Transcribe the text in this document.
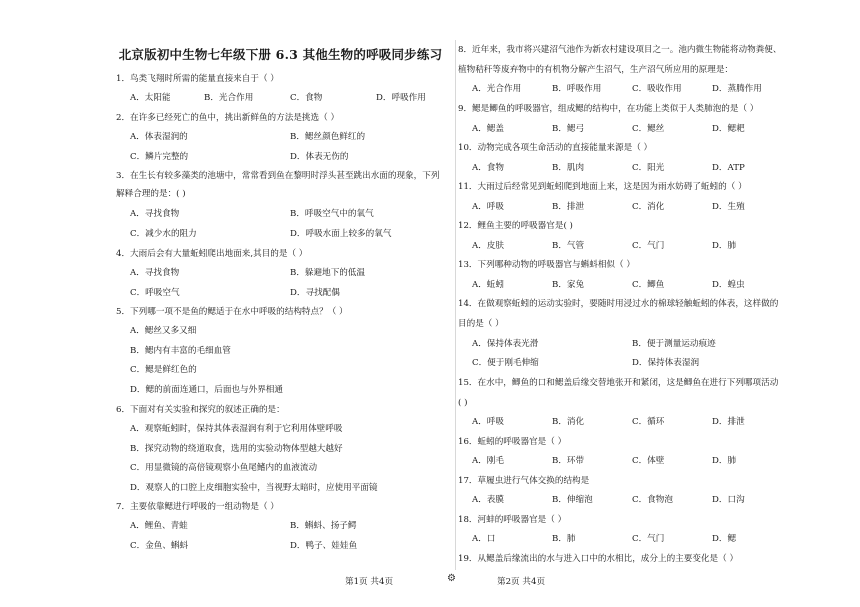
北京版初中生物七年级下册 6.3 其他生物的呼吸同步练习
1．鸟类飞翔时所需的能量直接来自于（ ）
A．太阳能	B．光合作用	C．食物	D．呼吸作用
2．在许多已经死亡的鱼中，挑出新鲜鱼的方法是挑选（ ）
A．体表湿润的	B．鳃丝颜色鲜红的
C．鳞片完整的	D．体表无伤的
3．在生长有较多藻类的池塘中，常常看到鱼在黎明时浮头甚至跳出水面的现象，下列
解释合理的是：( )
A．寻找食物	B．呼吸空气中的氧气
C．减少水的阻力	D．呼吸水面上较多的氧气
4．大雨后会有大量蚯蚓爬出地面来,其目的是（ ）
A．寻找食物	B．躲避地下的低温
C．呼吸空气	D．寻找配偶
5．下列哪一项不是鱼的鳃适于在水中呼吸的结构特点？（ ）
A．鳃丝又多又细
B．鳃内有丰富的毛细血管
C．鳃是鲜红色的
D．鳃的前面连通口，后面也与外界相通
6．下面对有关实验和探究的叙述正确的是：
A．观察蚯蚓时，保持其体表湿润有利于它利用体壁呼吸
B．探究动物的绕道取食，选用的实验动物体型越大越好
C．用显微镜的高倍镜观察小鱼尾鳍内的血液流动
D．观察人的口腔上皮细胞实验中，当视野太暗时，应使用平面镜
7．主要依靠鳃进行呼吸的一组动物是（ ）
A．鲤鱼、青蛙	B．蝌蚪、扬子鳄
C．金鱼、蝌蚪	D．鸭子、娃娃鱼
8．近年来，我市将兴建沼气池作为新农村建设项目之一。池内微生物能将动物粪便、
植物秸秆等废弃物中的有机物分解产生沼气，生产沼气所应用的原理是：
A．光合作用	B．呼吸作用	C．吸收作用	D．蒸腾作用
9．鳃是鲫鱼的呼吸器官，组成鳃的结构中，在功能上类似于人类肺泡的是（ ）
A．鳃盖	B．鳃弓	C．鳃丝	D．鳃耙
10．动物完成各项生命活动的直接能量来源是（ ）
A．食物	B．肌肉	C．阳光	D．ATP
11．大雨过后经常见到蚯蚓爬到地面上来，这是因为雨水妨碍了蚯蚓的（ ）
A．呼吸	B．排泄	C．消化	D．生殖
12．鲤鱼主要的呼吸器官是( )
A．皮肤	B．气管	C．气门	D．肺
13．下列哪种动物的呼吸器官与蝌蚪相似（ ）
A．蚯蚓	B．家兔	C．鲫鱼	D．蝗虫
14．在做观察蚯蚓的运动实验时，要随时用浸过水的棉球轻触蚯蚓的体表，这样做的
目的是（ ）
A．保持体表光滑	B．便于测量运动痕迹
C．便于刚毛伸缩	D．保持体表湿润
15．在水中，鲫鱼的口和鳃盖后缘交替地张开和紧闭，这是鲫鱼在进行下列哪项活动
( )
A．呼吸	B．消化	C．循环	D．排泄
16．蚯蚓的呼吸器官是（ ）
A．刚毛	B．环带	C．体壁	D．肺
17．草履虫进行气体交换的结构是
A．表膜	B．伸缩泡	C．食物泡	D．口沟
18．河蚌的呼吸器官是（ ）
A．口	B．肺	C．气门	D．鳃
19．从鳃盖后缘流出的水与进入口中的水相比，成分上的主要变化是（ ）
第1页 共4页	⚙	第2页 共4页
